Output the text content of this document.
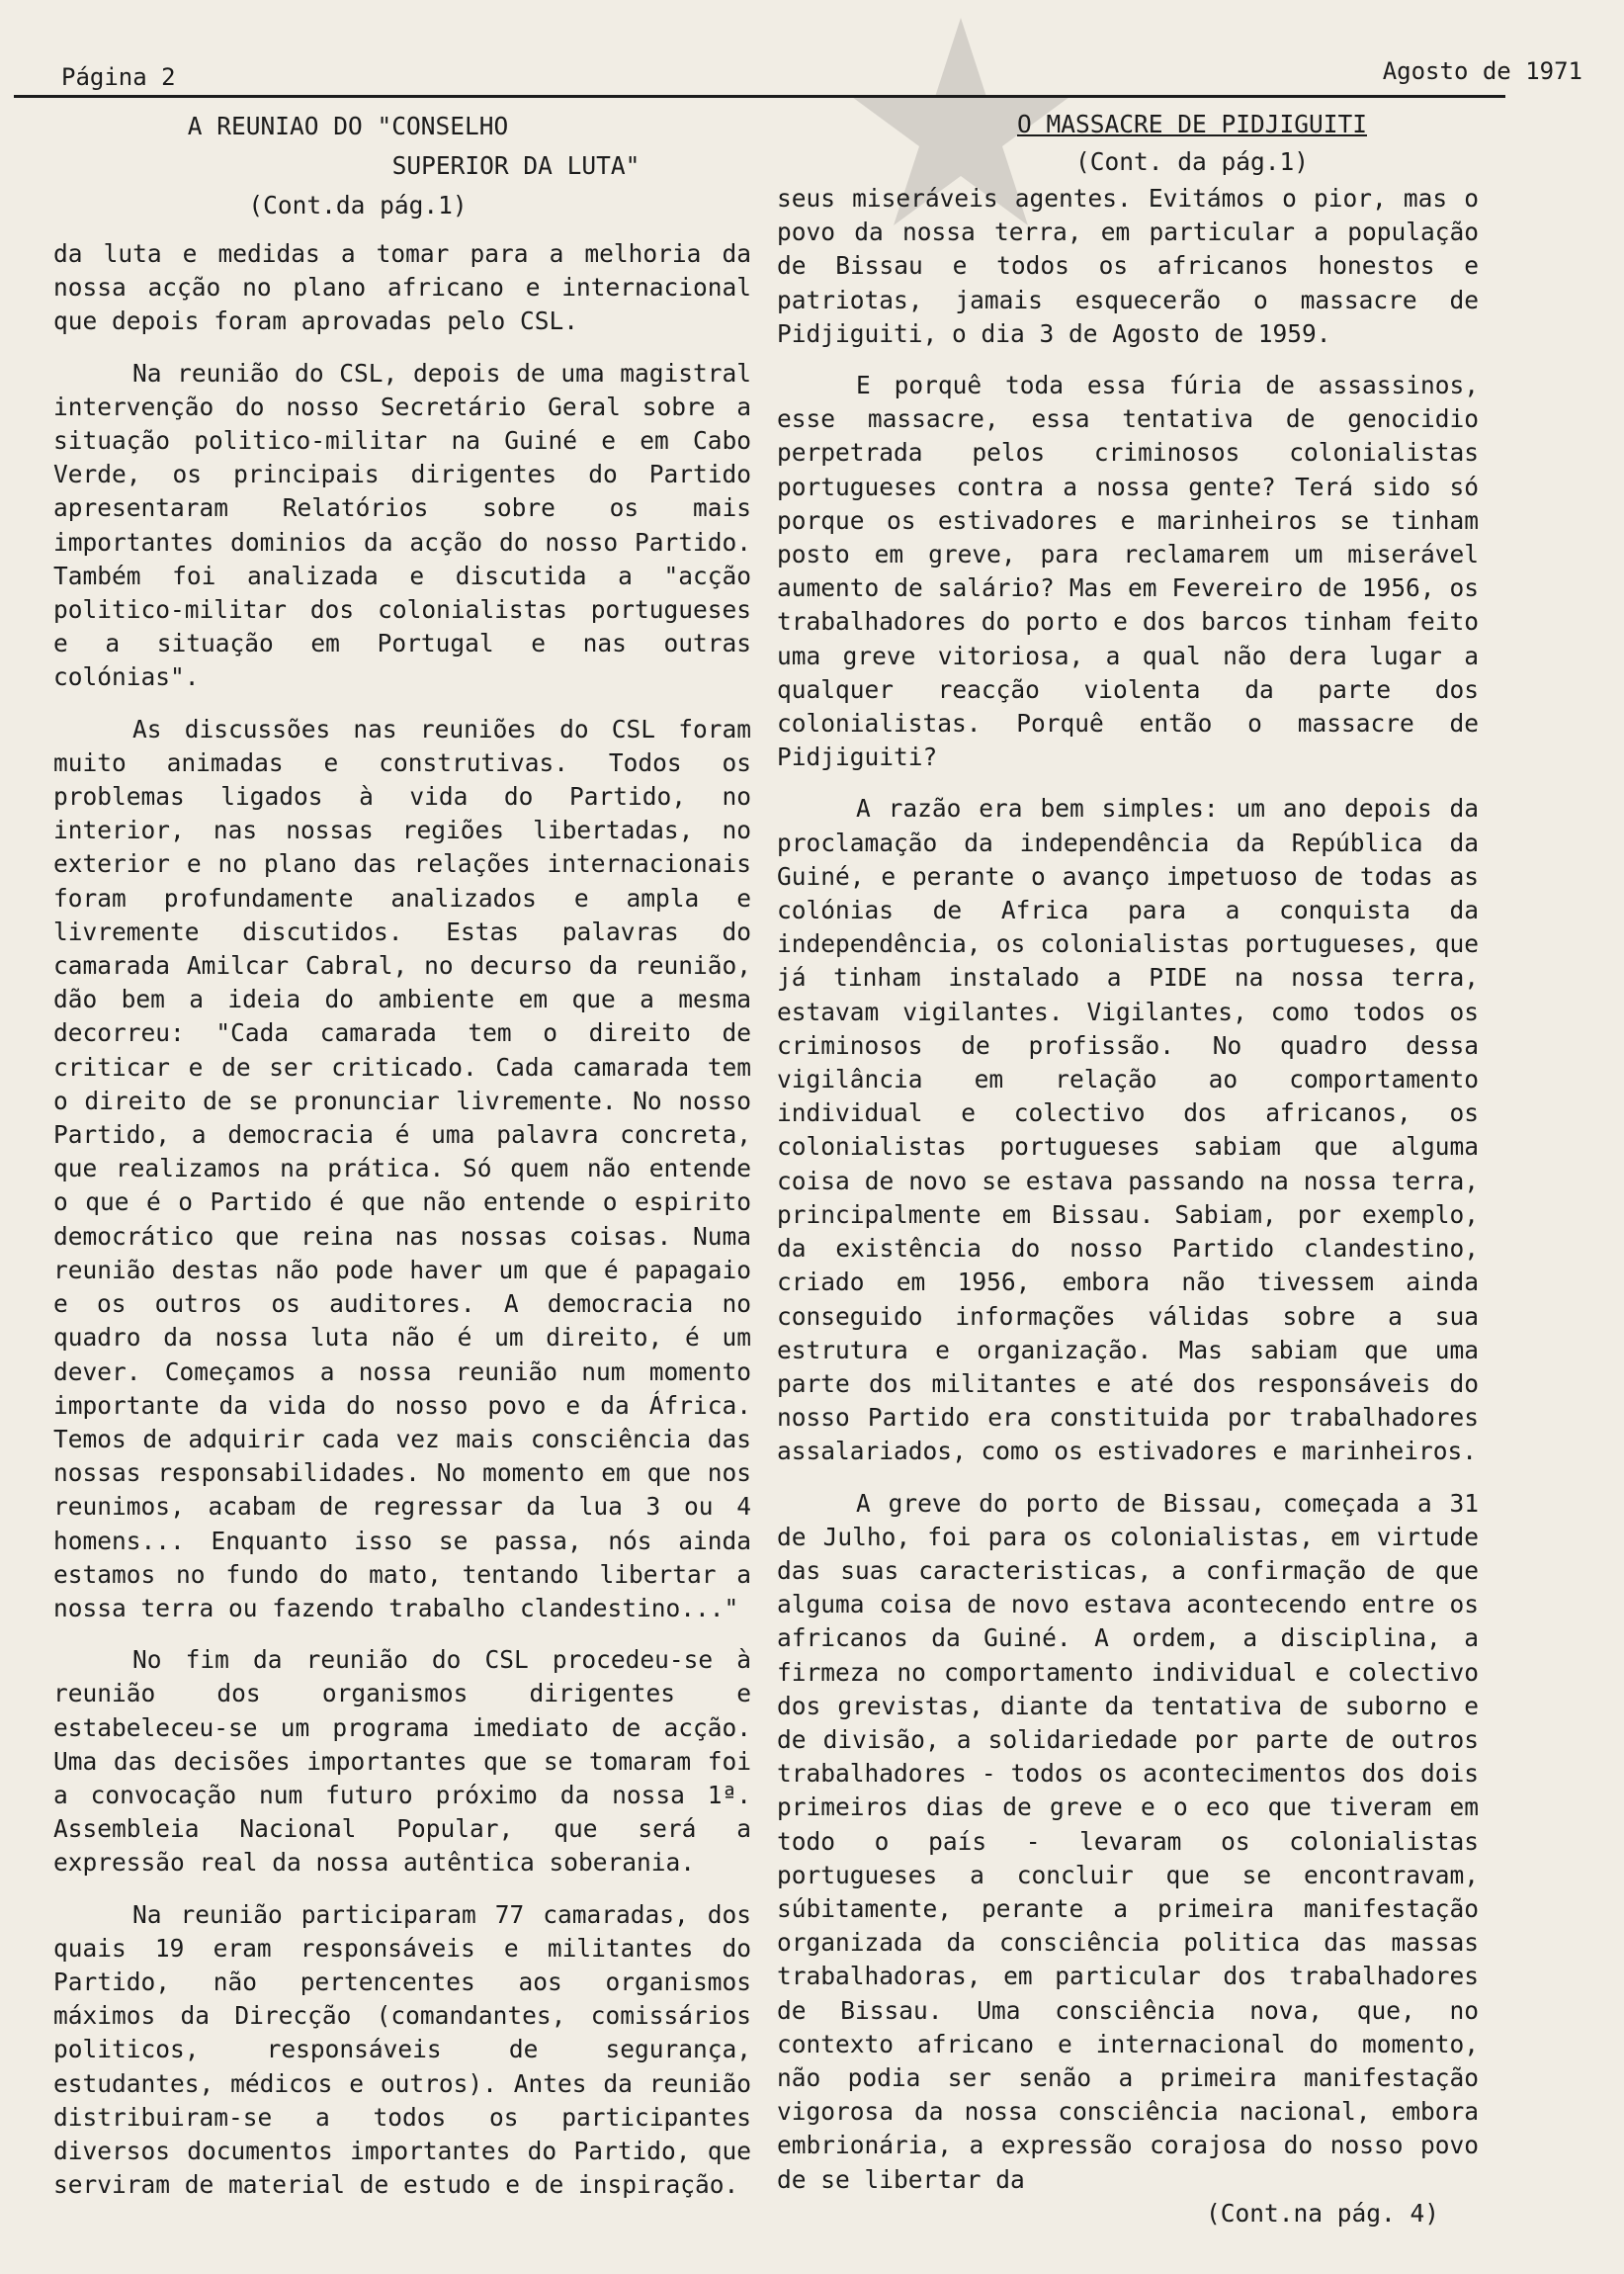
Página 2	Agosto de 1971
A REUNIAO DO "CONSELHO
SUPERIOR DA LUTA"
(Cont.da pág.1)

da luta e medidas a tomar para a melhoria da nossa acção no plano africano e internacional que depois foram aprovadas pelo CSL.

Na reunião do CSL, depois de uma magistral intervenção do nosso Secretário Geral sobre a situação politico-militar na Guiné e em Cabo Verde, os principais dirigentes do Partido apresentaram Relatórios sobre os mais importantes dominios da acção do nosso Partido. Também foi analizada e discutida a "acção politico-militar dos colonialistas portugueses e a situação em Portugal e nas outras colónias".

As discussões nas reuniões do CSL foram muito animadas e construtivas. Todos os problemas ligados à vida do Partido, no interior, nas nossas regiões libertadas, no exterior e no plano das relações internacionais foram profundamente analizados e ampla e livremente discutidos. Estas palavras do camarada Amilcar Cabral, no decurso da reunião, dão bem a ideia do ambiente em que a mesma decorreu: "Cada camarada tem o direito de criticar e de ser criticado. Cada camarada tem o direito de se pronunciar livremente. No nosso Partido, a democracia é uma palavra concreta, que realizamos na prática. Só quem não entende o que é o Partido é que não entende o espirito democrático que reina nas nossas coisas. Numa reunião destas não pode haver um que é papagaio e os outros os auditores. A democracia no quadro da nossa luta não é um direito, é um dever. Começamos a nossa reunião num momento importante da vida do nosso povo e da África. Temos de adquirir cada vez mais consciência das nossas responsabilidades. No momento em que nos reunimos, acabam de regressar da lua 3 ou 4 homens... Enquanto isso se passa, nós ainda estamos no fundo do mato, tentando libertar a nossa terra ou fazendo trabalho clandestino..."

No fim da reunião do CSL procedeu-se à reunião dos organismos dirigentes e estabeleceu-se um programa imediato de acção. Uma das decisões importantes que se tomaram foi a convocação num futuro próximo da nossa 1ª. Assembleia Nacional Popular, que será a expressão real da nossa autêntica soberania.

Na reunião participaram 77 camaradas, dos quais 19 eram responsáveis e militantes do Partido, não pertencentes aos organismos máximos da Direcção (comandantes, comissários politicos, responsáveis de segurança, estudantes, médicos e outros). Antes da reunião distribuiram-se a todos os participantes diversos documentos importantes do Partido, que serviram de material de estudo e de inspiração.

O MASSACRE DE PIDJIGUITI
(Cont. da pág.1)

seus miseráveis agentes. Evitámos o pior, mas o povo da nossa terra, em particular a população de Bissau e todos os africanos honestos e patriotas, jamais esquecerão o massacre de Pidjiguiti, o dia 3 de Agosto de 1959.

E porquê toda essa fúria de assassinos, esse massacre, essa tentativa de genocidio perpetrada pelos criminosos colonialistas portugueses contra a nossa gente? Terá sido só porque os estivadores e marinheiros se tinham posto em greve, para reclamarem um miserável aumento de salário? Mas em Fevereiro de 1956, os trabalhadores do porto e dos barcos tinham feito uma greve vitoriosa, a qual não dera lugar a qualquer reacção violenta da parte dos colonialistas. Porquê então o massacre de Pidjiguiti?

A razão era bem simples: um ano depois da proclamação da independência da República da Guiné, e perante o avanço impetuoso de todas as colónias de Africa para a conquista da independência, os colonialistas portugueses, que já tinham instalado a PIDE na nossa terra, estavam vigilantes. Vigilantes, como todos os criminosos de profissão. No quadro dessa vigilância em relação ao comportamento individual e colectivo dos africanos, os colonialistas portugueses sabiam que alguma coisa de novo se estava passando na nossa terra, principalmente em Bissau. Sabiam, por exemplo, da existência do nosso Partido clandestino, criado em 1956, embora não tivessem ainda conseguido informações válidas sobre a sua estrutura e organização. Mas sabiam que uma parte dos militantes e até dos responsáveis do nosso Partido era constituida por trabalhadores assalariados, como os estivadores e marinheiros.

A greve do porto de Bissau, começada a 31 de Julho, foi para os colonialistas, em virtude das suas caracteristicas, a confirmação de que alguma coisa de novo estava acontecendo entre os africanos da Guiné. A ordem, a disciplina, a firmeza no comportamento individual e colectivo dos grevistas, diante da tentativa de suborno e de divisão, a solidariedade por parte de outros trabalhadores - todos os acontecimentos dos dois primeiros dias de greve e o eco que tiveram em todo o país - levaram os colonialistas portugueses a concluir que se encontravam, súbitamente, perante a primeira manifestação organizada da consciência politica das massas trabalhadoras, em particular dos trabalhadores de Bissau. Uma consciência nova, que, no contexto africano e internacional do momento, não podia ser senão a primeira manifestação vigorosa da nossa consciência nacional, embora embrionária, a expressão corajosa do nosso povo de se libertar da

(Cont.na pág. 4)
